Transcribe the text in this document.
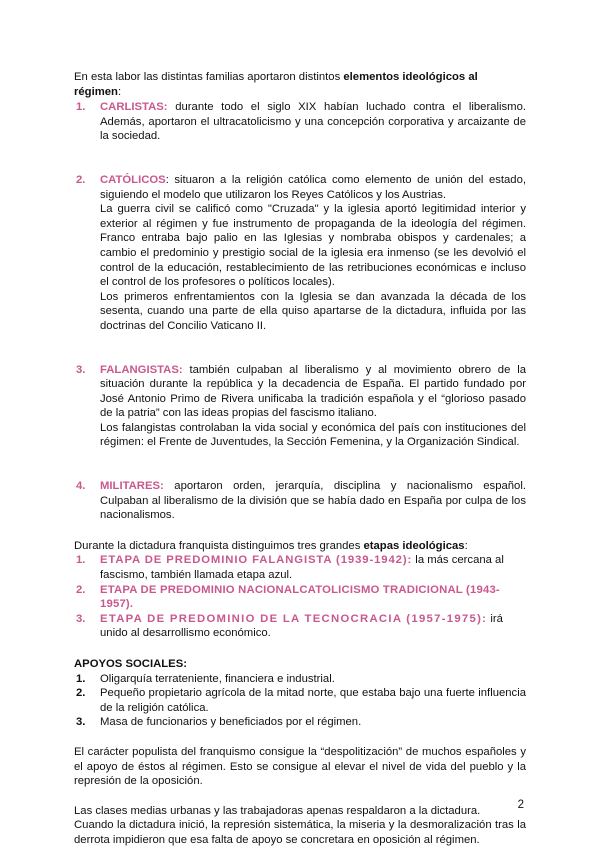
En esta labor las distintas familias aportaron distintos elementos ideológicos al régimen:

1.	CARLISTAS: durante todo el siglo XIX habían luchado contra el liberalismo. Además, aportaron el ultracatolicismo y una concepción corporativa y arcaizante de la sociedad.

2.	CATÓLICOS: situaron a la religión católica como elemento de unión del estado, siguiendo el modelo que utilizaron los Reyes Católicos y los Austrias.

La guerra civil se calificó como "Cruzada" y la iglesia aportó legitimidad interior y exterior al régimen y fue instrumento de propaganda de la ideología del régimen. Franco entraba bajo palio en las Iglesias y nombraba obispos y cardenales; a cambio el predominio y prestigio social de la iglesia era inmenso (se les devolvió el control de la educación, restablecimiento de las retribuciones económicas e incluso el control de los profesores o políticos locales).

Los primeros enfrentamientos con la Iglesia se dan avanzada la década de los sesenta, cuando una parte de ella quiso apartarse de la dictadura, influida por las doctrinas del Concilio Vaticano II.

3.	FALANGISTAS: también culpaban al liberalismo y al movimiento obrero de la situación durante la república y la decadencia de España. El partido fundado por José Antonio Primo de Rivera unificaba la tradición española y el “glorioso pasado de la patria” con las ideas propias del fascismo italiano.

Los falangistas controlaban la vida social y económica del país con instituciones del régimen: el Frente de Juventudes, la Sección Femenina, y la Organización Sindical.

4.	MILITARES: aportaron orden, jerarquía, disciplina y nacionalismo español. Culpaban al liberalismo de la división que se había dado en España por culpa de los nacionalismos.

Durante la dictadura franquista distinguimos tres grandes etapas ideológicas:

1.	ETAPA DE PREDOMINIO FALANGISTA (1939-1942): la más cercana al fascismo, también llamada etapa azul.
2.	ETAPA DE PREDOMINIO NACIONALCATOLICISMO TRADICIONAL (1943-1957).
3.	ETAPA DE PREDOMINIO DE LA TECNOCRACIA (1957-1975): irá unido al desarrollismo económico.

APOYOS SOCIALES:

1.	Oligarquía terrateniente, financiera e industrial.
2.	Pequeño propietario agrícola de la mitad norte, que estaba bajo una fuerte influencia de la religión católica.
3.	Masa de funcionarios y beneficiados por el régimen.

El carácter populista del franquismo consigue la “despolitización” de muchos españoles y el apoyo de éstos al régimen. Esto se consigue al elevar el nivel de vida del pueblo y la represión de la oposición.

Las clases medias urbanas y las trabajadoras apenas respaldaron a la dictadura.

Cuando la dictadura inició, la represión sistemática, la miseria y la desmoralización tras la derrota impidieron que esa falta de apoyo se concretara en oposición al régimen.

2
